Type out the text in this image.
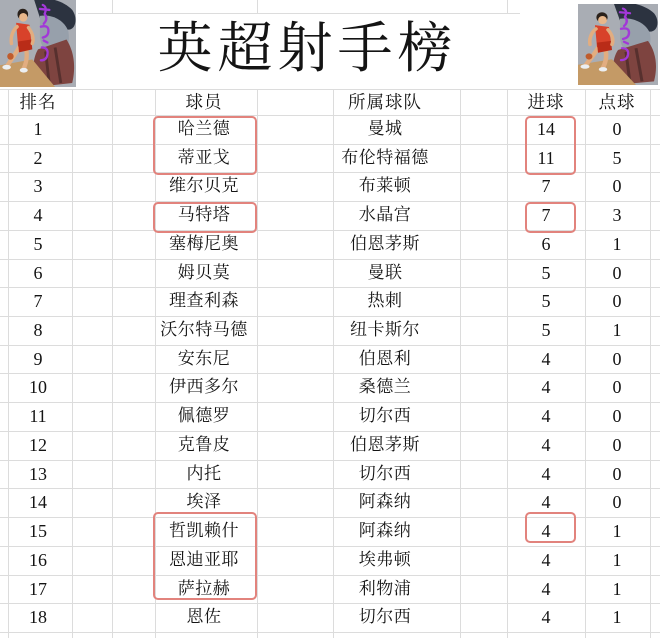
英超射手榜
排名	球员	所属球队	进球 点球
1	哈兰德	曼城	14	0
2	蒂亚戈	布伦特福德	11	5
3	维尔贝克	布莱顿	7	0
4	马特塔	水晶宫	7	3
5	塞梅尼奥	伯恩茅斯	6	1
6	姆贝莫	曼联	5	0
7	理查利森	热刺	5	0
8	沃尔特马德	纽卡斯尔	5	1
9	安东尼	伯恩利	4	0
10	伊西多尔	桑德兰	4	0
11	佩德罗	切尔西	4	0
12	克鲁皮	伯恩茅斯	4	0
13	内托	切尔西	4	0
14	埃泽	阿森纳	4	0
15	哲凯赖什	阿森纳	4	1
16	恩迪亚耶	埃弗顿	4	1
17	萨拉赫	利物浦	4	1
18	恩佐	切尔西	4	1
